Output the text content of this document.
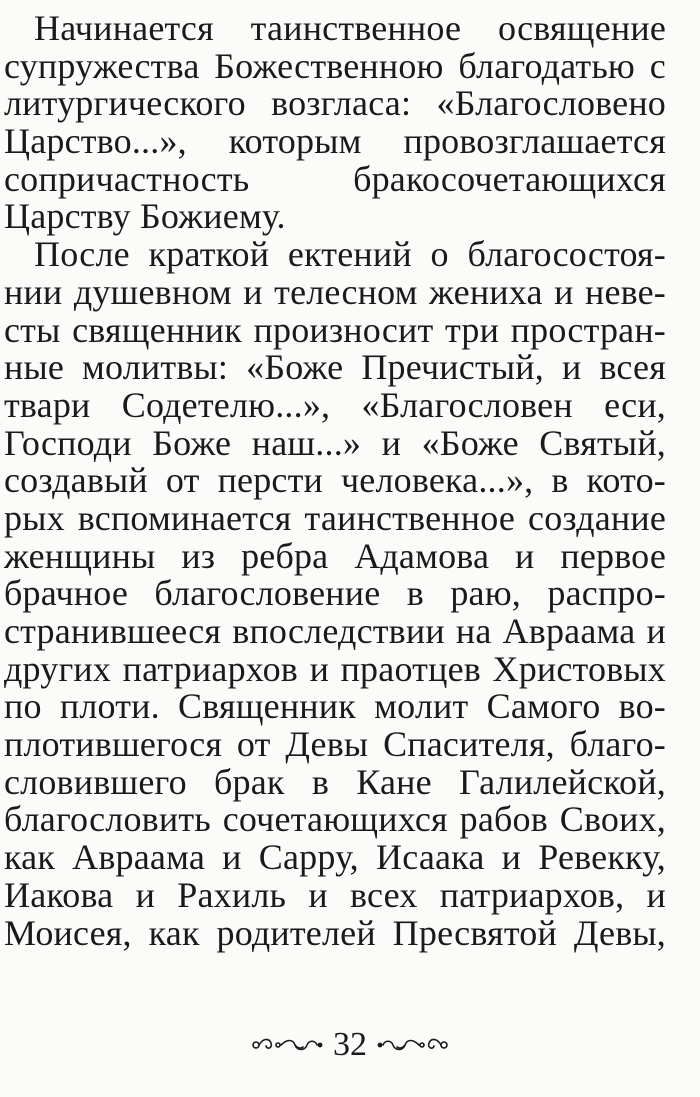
Начинается таинственное освящение
супружества Божественною благодатью с
литургического возгласа: «Благословено
Царство...», которым провозглашается
сопричастность бракосочетающихся
Царству Божиему.
После краткой ектений о благосостоя-
нии душевном и телесном жениха и неве-
сты священник произносит три простран-
ные молитвы: «Боже Пречистый, и всея
твари Содетелю...», «Благословен еси,
Господи Боже наш...» и «Боже Святый,
создавый от персти человека...», в кото-
рых вспоминается таинственное создание
женщины из ребра Адамова и первое
брачное благословение в раю, распро-
странившееся впоследствии на Авраама и
других патриархов и праотцев Христовых
по плоти. Священник молит Самого во-
плотившегося от Девы Спасителя, благо-
словившего брак в Кане Галилейской,
благословить сочетающихся рабов Своих,
как Авраама и Сарру, Исаака и Ревекку,
Иакова и Рахиль и всех патриархов, и
Моисея, как родителей Пресвятой Девы,
32
